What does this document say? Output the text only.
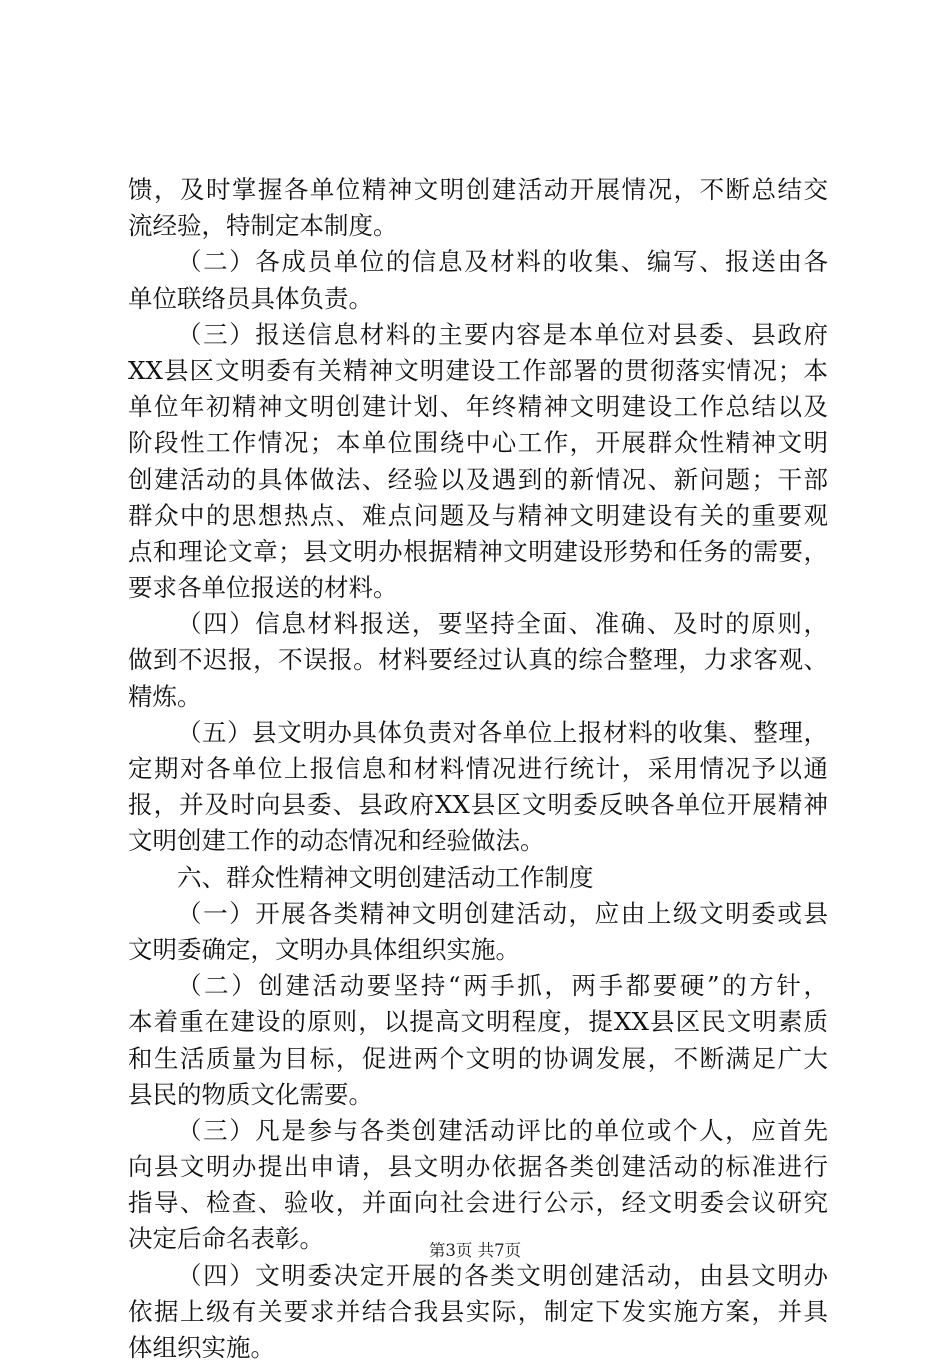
馈，及时掌握各单位精神文明创建活动开展情况，不断总结交
流经验，特制定本制度。
（二）各成员单位的信息及材料的收集、编写、报送由各
单位联络员具体负责。
（三）报送信息材料的主要内容是本单位对县委、县政府
XX县区文明委有关精神文明建设工作部署的贯彻落实情况；本
单位年初精神文明创建计划、年终精神文明建设工作总结以及
阶段性工作情况；本单位围绕中心工作，开展群众性精神文明
创建活动的具体做法、经验以及遇到的新情况、新问题；干部
群众中的思想热点、难点问题及与精神文明建设有关的重要观
点和理论文章；县文明办根据精神文明建设形势和任务的需要，
要求各单位报送的材料。
（四）信息材料报送，要坚持全面、准确、及时的原则，
做到不迟报，不误报。材料要经过认真的综合整理，力求客观、
精炼。
（五）县文明办具体负责对各单位上报材料的收集、整理，
定期对各单位上报信息和材料情况进行统计，采用情况予以通
报，并及时向县委、县政府XX县区文明委反映各单位开展精神
文明创建工作的动态情况和经验做法。
六、群众性精神文明创建活动工作制度
（一）开展各类精神文明创建活动，应由上级文明委或县
文明委确定，文明办具体组织实施。
（二）创建活动要坚持“两手抓，两手都要硬”的方针，
本着重在建设的原则，以提高文明程度，提XX县区民文明素质
和生活质量为目标，促进两个文明的协调发展，不断满足广大
县民的物质文化需要。
（三）凡是参与各类创建活动评比的单位或个人，应首先
向县文明办提出申请，县文明办依据各类创建活动的标准进行
指导、检查、验收，并面向社会进行公示，经文明委会议研究
决定后命名表彰。
（四）文明委决定开展的各类文明创建活动，由县文明办
依据上级有关要求并结合我县实际，制定下发实施方案，并具
体组织实施。
第3页 共7页
